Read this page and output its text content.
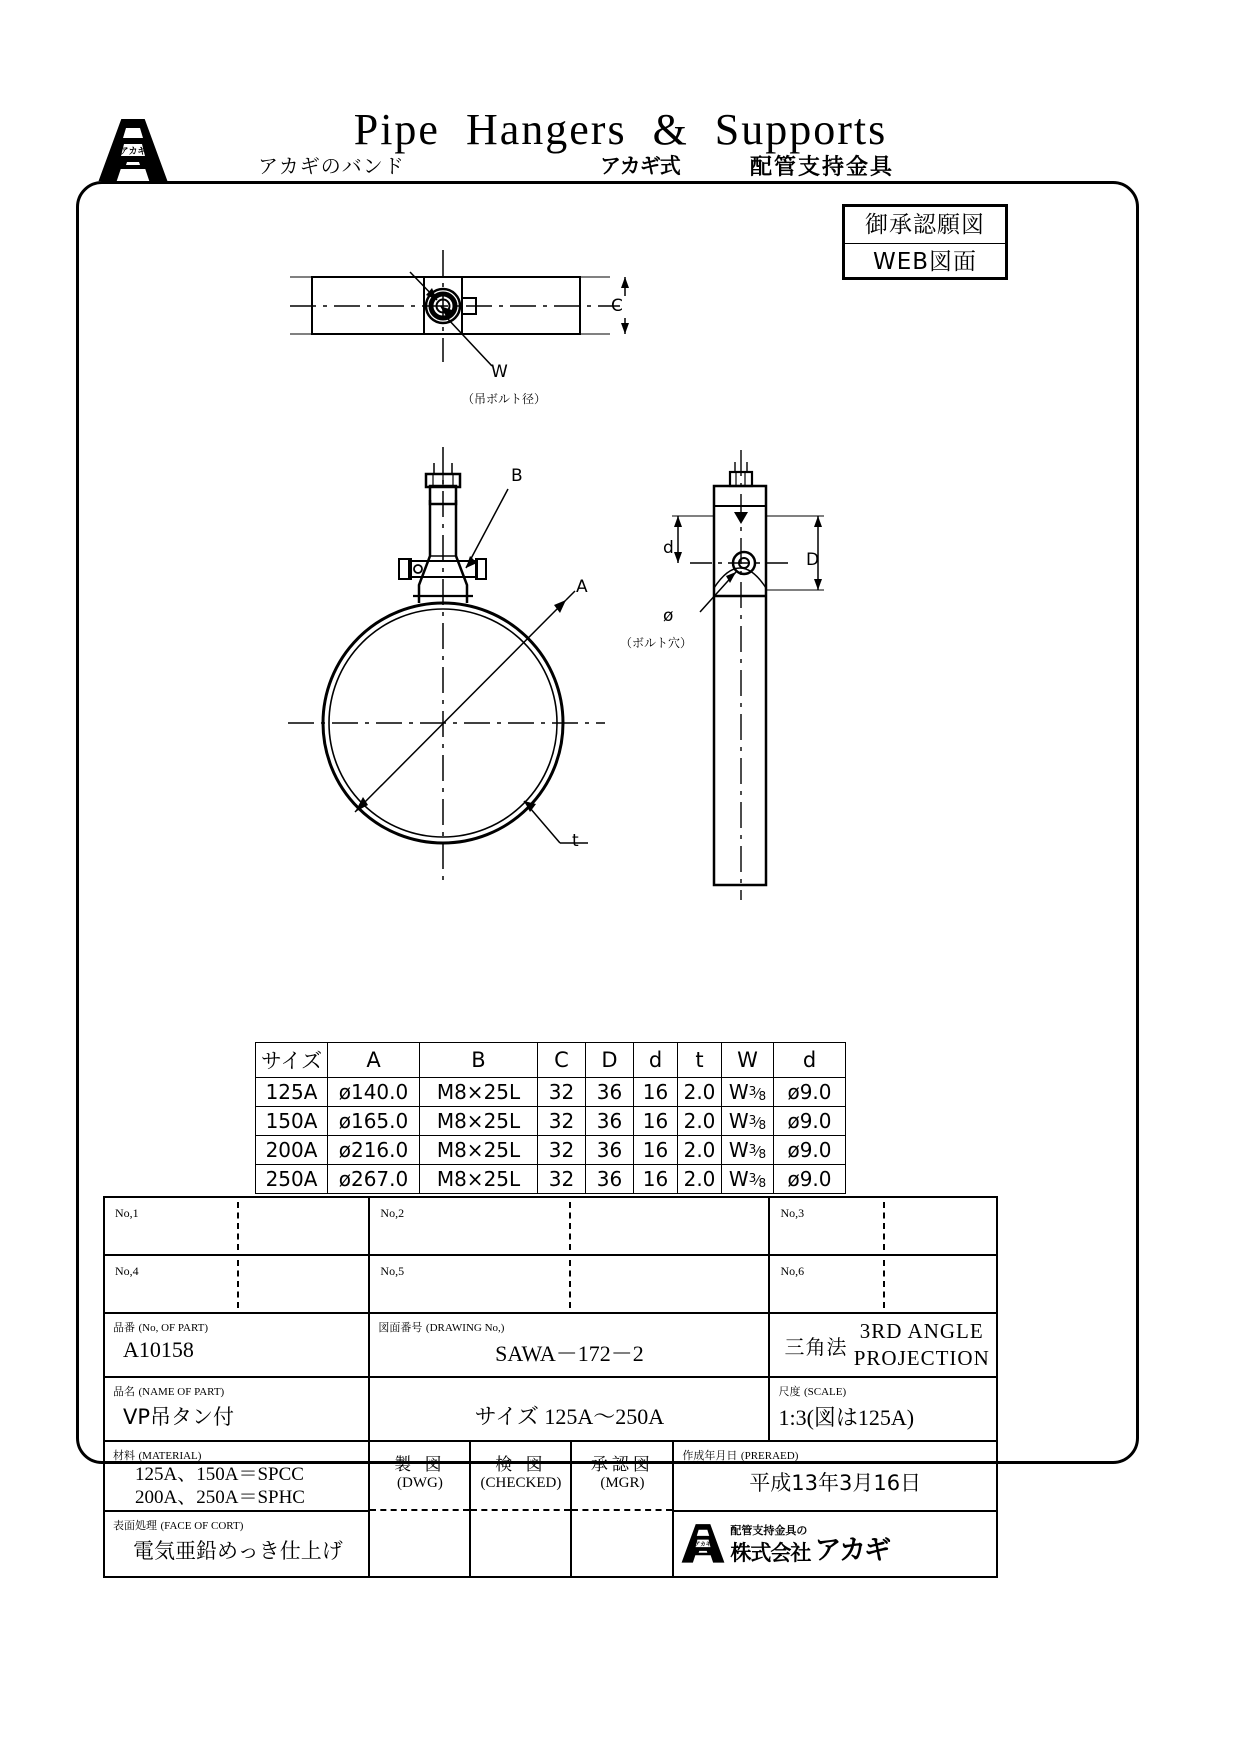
アカギ	Pipe  Hangers  &  Supports
アカギのバンド	アカギ式	配管支持金具
御承認願図
WEB図面
W
（吊ボルト径）
C
B
A
t
d
D
ø
（ボルト穴）
サイズ	A	B	C	D	d	t	W	d
125A	ø140.0	M8×25L	32	36	16	2.0	$W^3⁄_8$	ø9.0
150A	ø165.0	M8×25L	32	36	16	2.0	$W^3⁄_8$	ø9.0
200A	ø216.0	M8×25L	32	36	16	2.0	$W^3⁄_8$	ø9.0
250A	ø267.0	M8×25L	32	36	16	2.0	$W^3⁄_8$	ø9.0
No,1	No,2				No,3

No,4	No,5				No,6

品番 (No, OF PART)
A10158

図面番号 (DRAWING No,)
SAWA－172－2	三角法
3RD ANGLE
PROJECTION

品名 (NAME OF PART)
VP吊タン付	サイズ 125A～250A

尺度 (SCALE)
1:3(図は125A)

材料 (MATERIAL)
125A、150A＝SPCC
200A、250A＝SPHC

製 図
(DWG)

検 図
(CHECKED)

承認図
(MGR)

作成年月日 (PRERAED)
平成13年3月16日

表面処理 (FACE OF CORT)
電気亜鉛めっき仕上げ	アカギ
配管支持金具の
株式会社 アカギ
